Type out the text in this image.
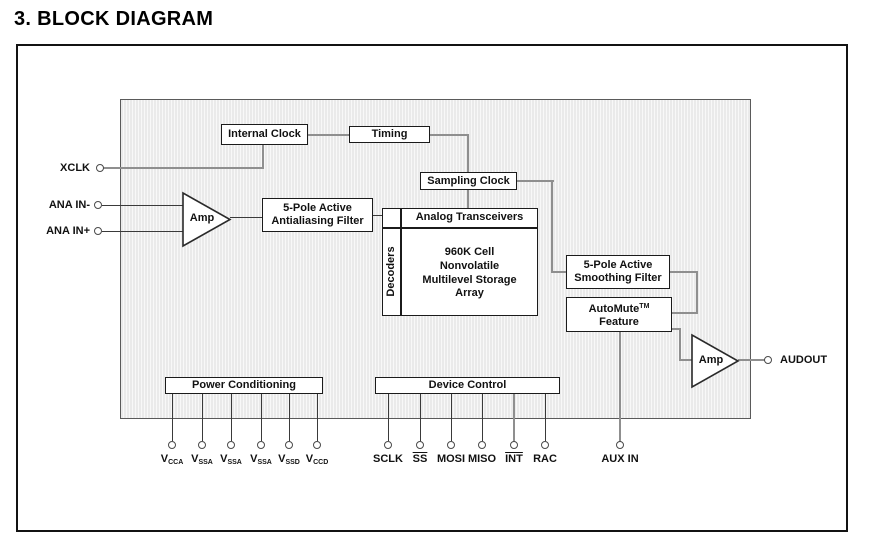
3. BLOCK DIAGRAM
Internal Clock	Timing
Sampling Clock
5-Pole Active
Antialiasing Filter	Analog Transceivers
Decoders	960K Cell
Nonvolatile
Multilevel Storage
Array
5-Pole Active
Smoothing Filter
AutoMute™
Feature
Power Conditioning	Device Control
Amp
Amp
XCLK
ANA IN-
ANA IN+
AUDOUT
$V_{CCA}$ $V_{SSA}$ $V_{SSA}$ $V_{SSA}$ $V_{SSD}$ $V_{CCD}$	SCLK $\overline{SS}$ MOSI MISO $\overline{INT}$ RAC	AUX IN
